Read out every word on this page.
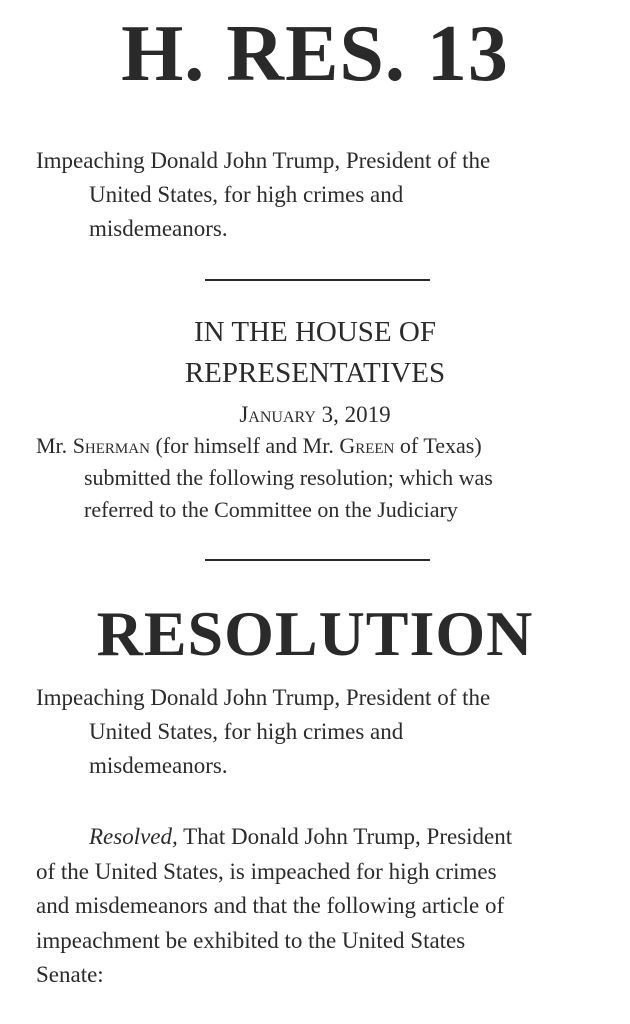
H. RES. 13
Impeaching Donald John Trump, President of the
United States, for high crimes and
misdemeanors.
IN THE HOUSE OF
REPRESENTATIVES
January 3, 2019
Mr. Sherman (for himself and Mr. Green of Texas)
submitted the following resolution; which was
referred to the Committee on the Judiciary
RESOLUTION
Impeaching Donald John Trump, President of the
United States, for high crimes and
misdemeanors.
Resolved, That Donald John Trump, President
of the United States, is impeached for high crimes
and misdemeanors and that the following article of
impeachment be exhibited to the United States
Senate:
